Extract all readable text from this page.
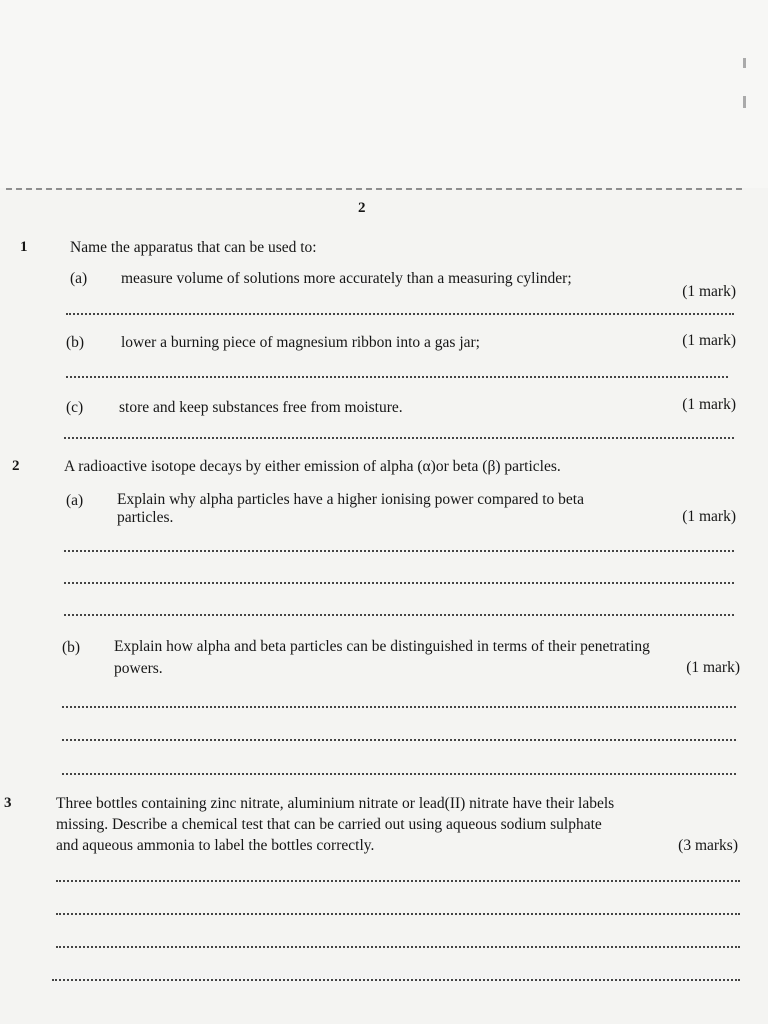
2
1	Name the apparatus that can be used to:
(a) measure volume of solutions more accurately than a measuring cylinder;
(1 mark)
(b) lower a burning piece of magnesium ribbon into a gas jar;	(1 mark)
(c) store and keep substances free from moisture.	(1 mark)
2	A radioactive isotope decays by either emission of alpha (α)or beta (β) particles.
(a) Explain why alpha particles have a higher ionising power compared to beta
particles.	(1 mark)
(b) Explain how alpha and beta particles can be distinguished in terms of their penetrating
powers.	(1 mark)
3	Three bottles containing zinc nitrate, aluminium nitrate or lead(II) nitrate have their labels
missing. Describe a chemical test that can be carried out using aqueous sodium sulphate
and aqueous ammonia to label the bottles correctly.	(3 marks)
